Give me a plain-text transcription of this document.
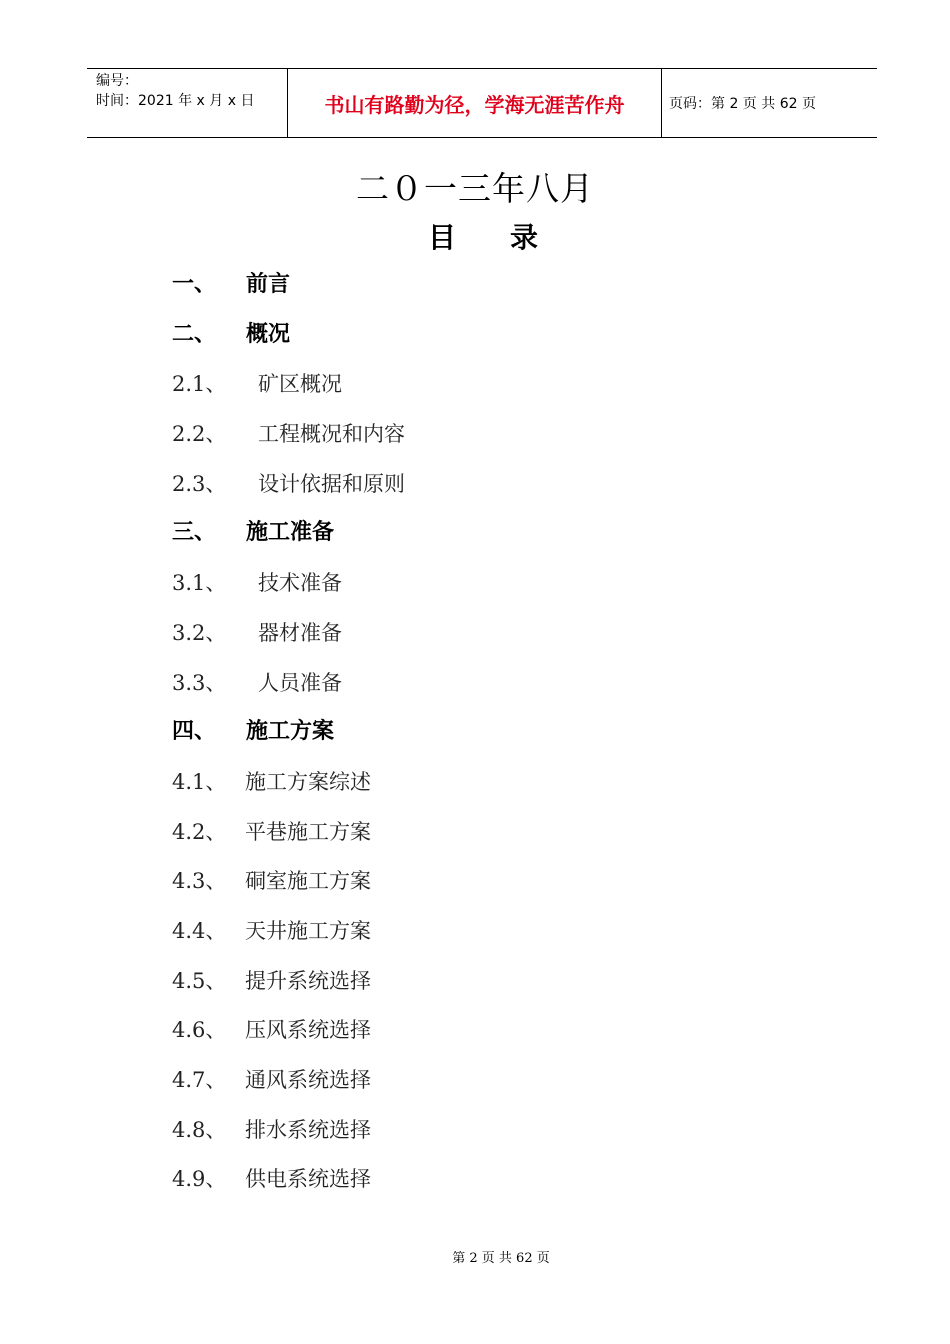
编号：
时间：2021 年 x 月 x 日	书山有路勤为径，学海无涯苦作舟	页码：第 2 页 共 62 页
二０一三年八月
目 录
一、 前言
二、 概况
2.1、 矿区概况
2.2、 工程概况和内容
2.3、 设计依据和原则
三、 施工准备
3.1、 技术准备
3.2、 器材准备
3.3、 人员准备
四、 施工方案
4.1、 施工方案综述
4.2、 平巷施工方案
4.3、 硐室施工方案
4.4、 天井施工方案
4.5、 提升系统选择
4.6、 压风系统选择
4.7、 通风系统选择
4.8、 排水系统选择
4.9、 供电系统选择
第 2 页 共 62 页
